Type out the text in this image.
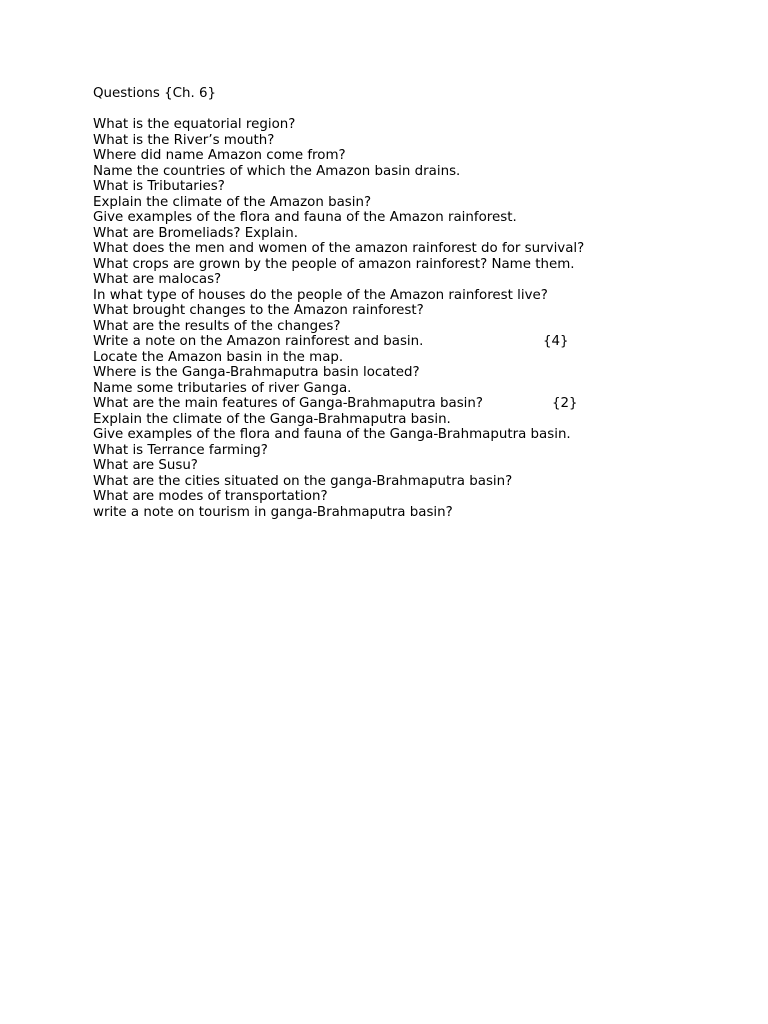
Questions {Ch. 6}
What is the equatorial region?
What is the River’s mouth?
Where did name Amazon come from?
Name the countries of which the Amazon basin drains.
What is Tributaries?
Explain the climate of the Amazon basin?
Give examples of the flora and fauna of the Amazon rainforest.
What are Bromeliads? Explain.
What does the men and women of the amazon rainforest do for survival?
What crops are grown by the people of amazon rainforest? Name them.
What are malocas?
In what type of houses do the people of the Amazon rainforest live?
What brought changes to the Amazon rainforest?
What are the results of the changes?
Write a note on the Amazon rainforest and basin.	{4}
Locate the Amazon basin in the map.
Where is the Ganga-Brahmaputra basin located?
Name some tributaries of river Ganga.
What are the main features of Ganga-Brahmaputra basin?	{2}
Explain the climate of the Ganga-Brahmaputra basin.
Give examples of the flora and fauna of the Ganga-Brahmaputra basin.
What is Terrance farming?
What are Susu?
What are the cities situated on the ganga-Brahmaputra basin?
What are modes of transportation?
write a note on tourism in ganga-Brahmaputra basin?
